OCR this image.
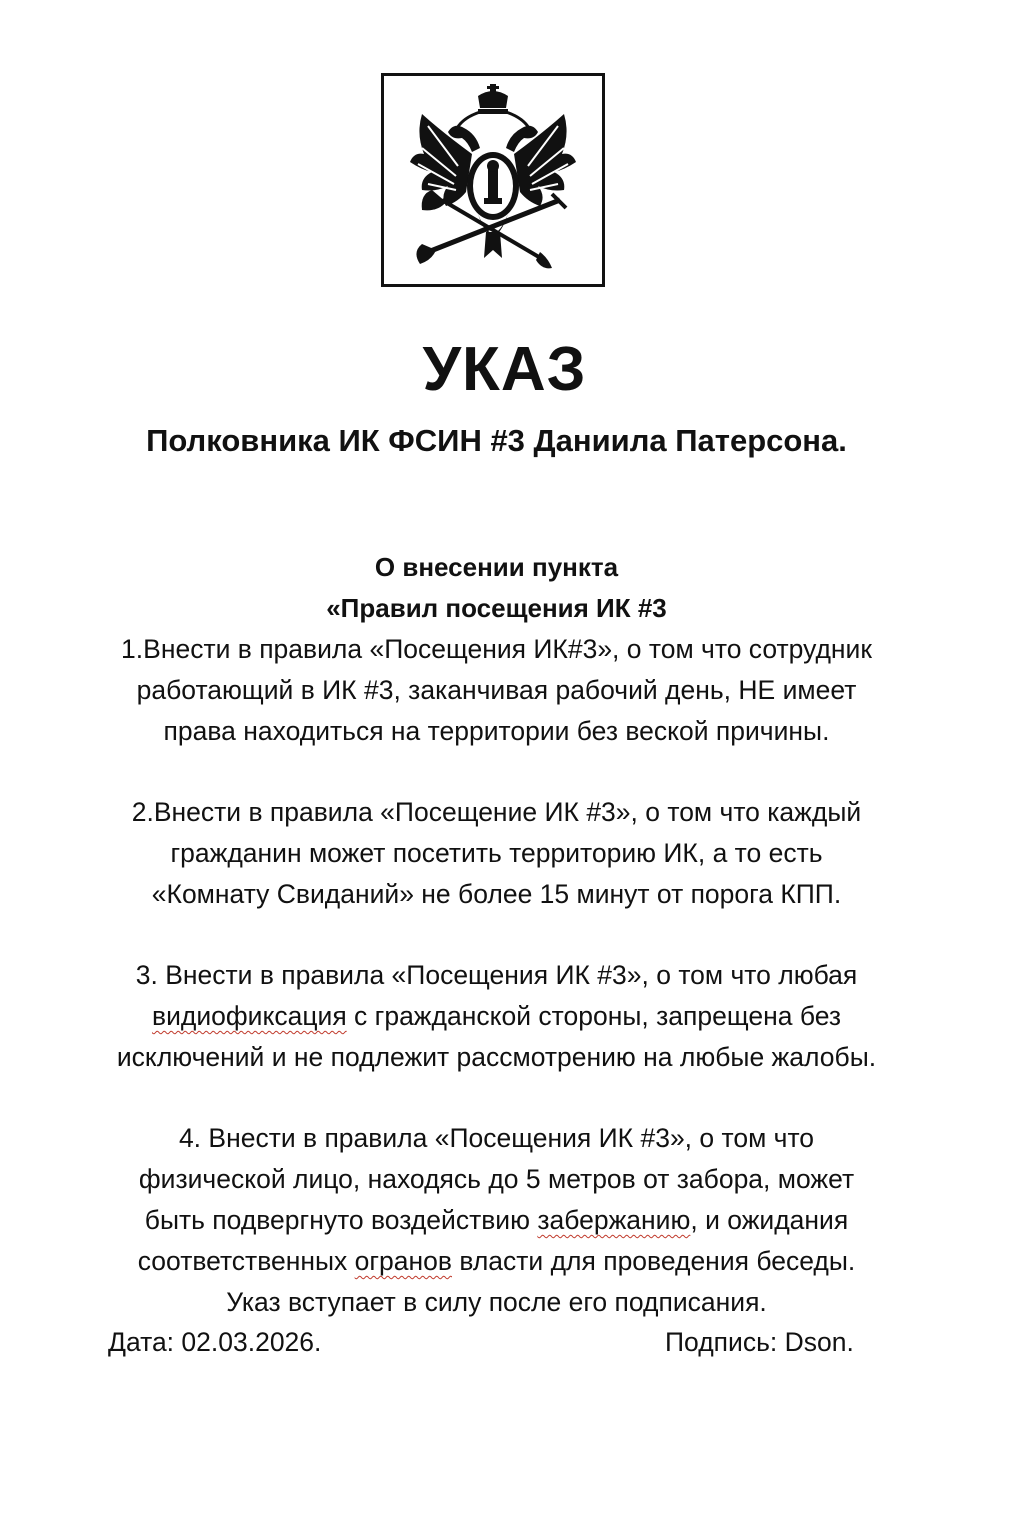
УКАЗ
Полковника ИК ФСИН #3 Даниила Патерсона.
О внесении пункта
«Правил посещения ИК #3
1.Внести в правила «Посещения ИК#3», о том что сотрудник
работающий в ИК #3, заканчивая рабочий день, НЕ имеет
права находиться на территории без веской причины.
2.Внести в правила «Посещение ИК #3», о том что каждый
гражданин может посетить территорию ИК, а то есть
«Комнату Свиданий» не более 15 минут от порога КПП.
3. Внести в правила «Посещения ИК #3», о том что любая
видиофиксация с гражданской стороны, запрещена без
исключений и не подлежит рассмотрению на любые жалобы.
4. Внести в правила «Посещения ИК #3», о том что
физической лицо, находясь до 5 метров от забора, может
быть подвергнуто воздействию забержанию, и ожидания
соответственных огранов власти для проведения беседы.
Указ вступает в силу после его подписания.
Дата: 02.03.2026.	Подпись: Dson.
